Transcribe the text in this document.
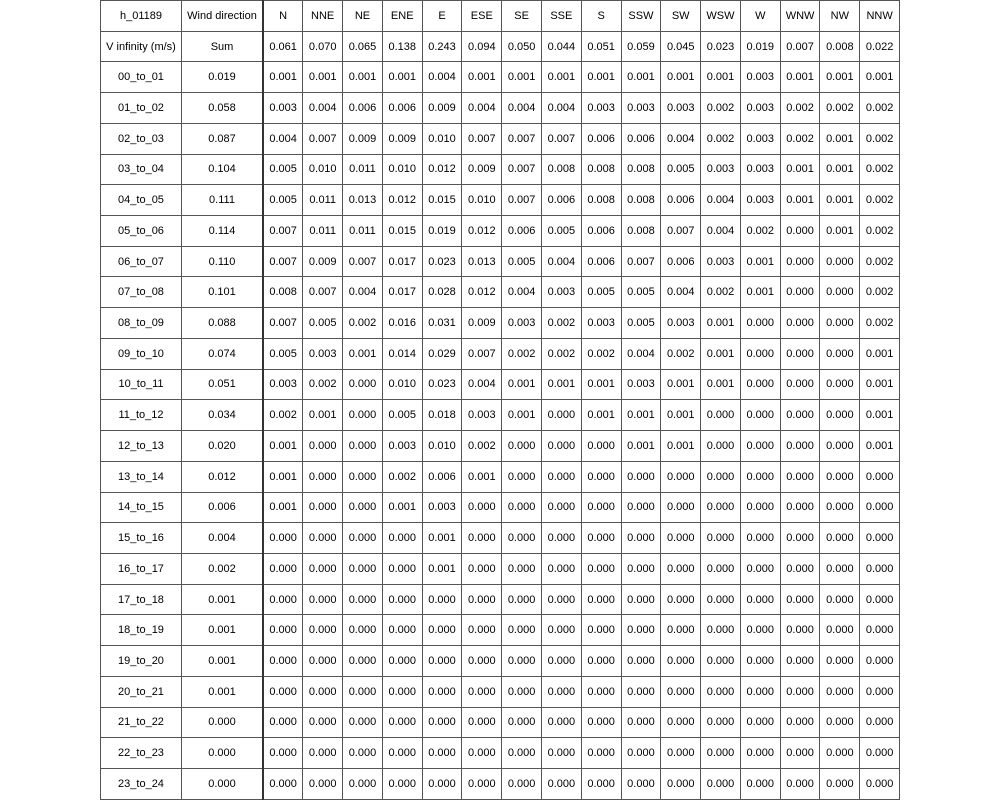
h_01189	Wind direction	N	NNE	NE	ENE	E	ESE	SE	SSE	S	SSW	SW	WSW	W	WNW	NW	NNW
V infinity (m/s)	Sum	0.061	0.070	0.065	0.138	0.243	0.094	0.050	0.044	0.051	0.059	0.045	0.023	0.019	0.007	0.008	0.022
00_to_01	0.019	0.001	0.001	0.001	0.001	0.004	0.001	0.001	0.001	0.001	0.001	0.001	0.001	0.003	0.001	0.001	0.001
01_to_02	0.058	0.003	0.004	0.006	0.006	0.009	0.004	0.004	0.004	0.003	0.003	0.003	0.002	0.003	0.002	0.002	0.002
02_to_03	0.087	0.004	0.007	0.009	0.009	0.010	0.007	0.007	0.007	0.006	0.006	0.004	0.002	0.003	0.002	0.001	0.002
03_to_04	0.104	0.005	0.010	0.011	0.010	0.012	0.009	0.007	0.008	0.008	0.008	0.005	0.003	0.003	0.001	0.001	0.002
04_to_05	0.111	0.005	0.011	0.013	0.012	0.015	0.010	0.007	0.006	0.008	0.008	0.006	0.004	0.003	0.001	0.001	0.002
05_to_06	0.114	0.007	0.011	0.011	0.015	0.019	0.012	0.006	0.005	0.006	0.008	0.007	0.004	0.002	0.000	0.001	0.002
06_to_07	0.110	0.007	0.009	0.007	0.017	0.023	0.013	0.005	0.004	0.006	0.007	0.006	0.003	0.001	0.000	0.000	0.002
07_to_08	0.101	0.008	0.007	0.004	0.017	0.028	0.012	0.004	0.003	0.005	0.005	0.004	0.002	0.001	0.000	0.000	0.002
08_to_09	0.088	0.007	0.005	0.002	0.016	0.031	0.009	0.003	0.002	0.003	0.005	0.003	0.001	0.000	0.000	0.000	0.002
09_to_10	0.074	0.005	0.003	0.001	0.014	0.029	0.007	0.002	0.002	0.002	0.004	0.002	0.001	0.000	0.000	0.000	0.001
10_to_11	0.051	0.003	0.002	0.000	0.010	0.023	0.004	0.001	0.001	0.001	0.003	0.001	0.001	0.000	0.000	0.000	0.001
11_to_12	0.034	0.002	0.001	0.000	0.005	0.018	0.003	0.001	0.000	0.001	0.001	0.001	0.000	0.000	0.000	0.000	0.001
12_to_13	0.020	0.001	0.000	0.000	0.003	0.010	0.002	0.000	0.000	0.000	0.001	0.001	0.000	0.000	0.000	0.000	0.001
13_to_14	0.012	0.001	0.000	0.000	0.002	0.006	0.001	0.000	0.000	0.000	0.000	0.000	0.000	0.000	0.000	0.000	0.000
14_to_15	0.006	0.001	0.000	0.000	0.001	0.003	0.000	0.000	0.000	0.000	0.000	0.000	0.000	0.000	0.000	0.000	0.000
15_to_16	0.004	0.000	0.000	0.000	0.000	0.001	0.000	0.000	0.000	0.000	0.000	0.000	0.000	0.000	0.000	0.000	0.000
16_to_17	0.002	0.000	0.000	0.000	0.000	0.001	0.000	0.000	0.000	0.000	0.000	0.000	0.000	0.000	0.000	0.000	0.000
17_to_18	0.001	0.000	0.000	0.000	0.000	0.000	0.000	0.000	0.000	0.000	0.000	0.000	0.000	0.000	0.000	0.000	0.000
18_to_19	0.001	0.000	0.000	0.000	0.000	0.000	0.000	0.000	0.000	0.000	0.000	0.000	0.000	0.000	0.000	0.000	0.000
19_to_20	0.001	0.000	0.000	0.000	0.000	0.000	0.000	0.000	0.000	0.000	0.000	0.000	0.000	0.000	0.000	0.000	0.000
20_to_21	0.001	0.000	0.000	0.000	0.000	0.000	0.000	0.000	0.000	0.000	0.000	0.000	0.000	0.000	0.000	0.000	0.000
21_to_22	0.000	0.000	0.000	0.000	0.000	0.000	0.000	0.000	0.000	0.000	0.000	0.000	0.000	0.000	0.000	0.000	0.000
22_to_23	0.000	0.000	0.000	0.000	0.000	0.000	0.000	0.000	0.000	0.000	0.000	0.000	0.000	0.000	0.000	0.000	0.000
23_to_24	0.000	0.000	0.000	0.000	0.000	0.000	0.000	0.000	0.000	0.000	0.000	0.000	0.000	0.000	0.000	0.000	0.000
